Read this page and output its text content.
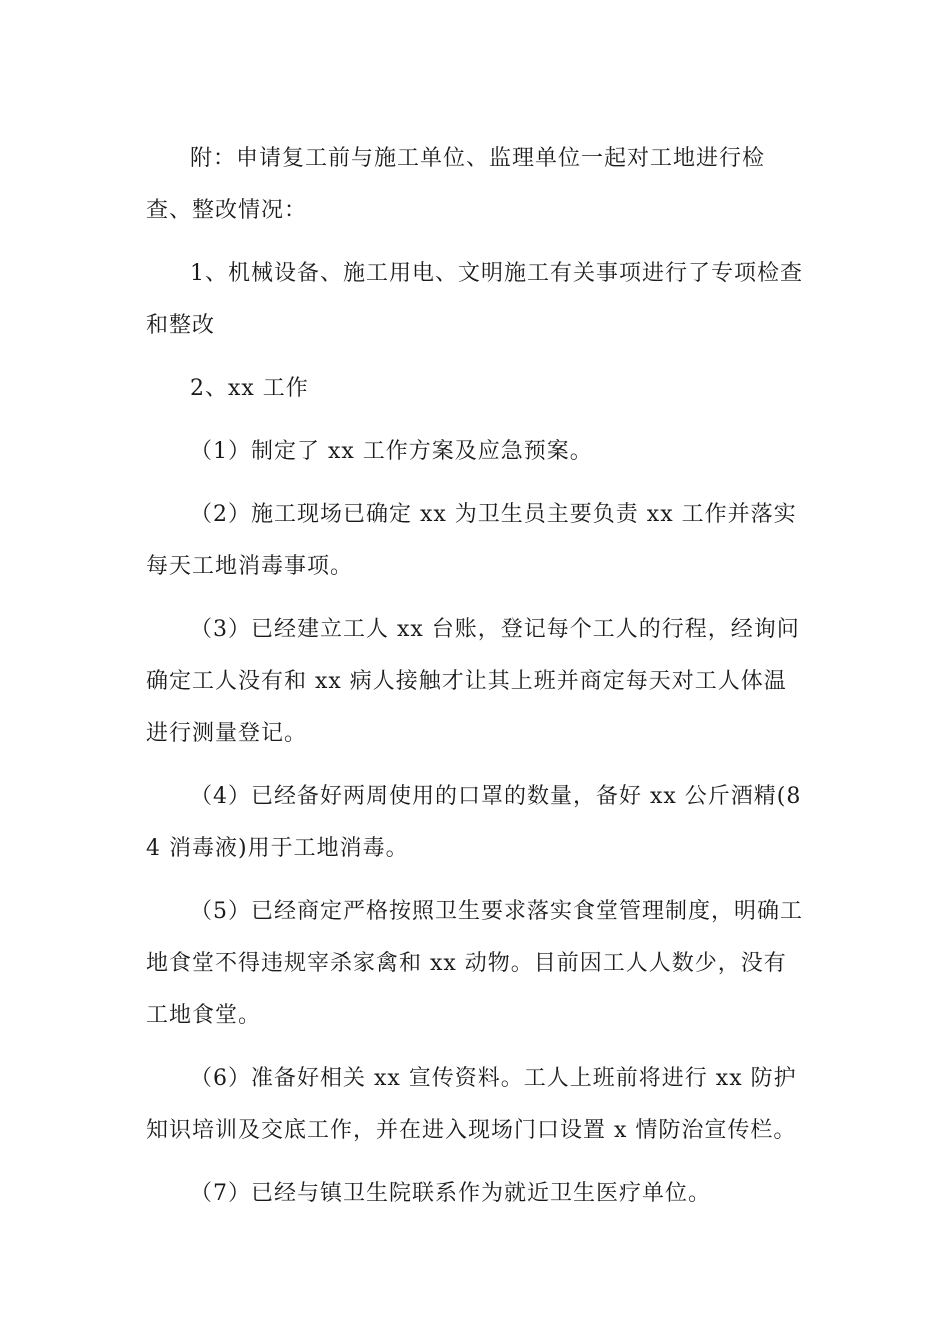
附：申请复工前与施工单位、监理单位一起对工地进行检查、整改情况：

1、机械设备、施工用电、文明施工有关事项进行了专项检查和整改

2、xx 工作

（1）制定了 xx 工作方案及应急预案。

（2）施工现场已确定 xx 为卫生员主要负责 xx 工作并落实每天工地消毒事项。

（3）已经建立工人 xx 台账，登记每个工人的行程，经询问确定工人没有和 xx 病人接触才让其上班并商定每天对工人体温进行测量登记。

（4）已经备好两周使用的口罩的数量，备好 xx 公斤酒精(84 消毒液)用于工地消毒。

（5）已经商定严格按照卫生要求落实食堂管理制度，明确工地食堂不得违规宰杀家禽和 xx 动物。目前因工人人数少，没有工地食堂。

（6）准备好相关 xx 宣传资料。工人上班前将进行 xx 防护知识培训及交底工作，并在进入现场门口设置 x 情防治宣传栏。

（7）已经与镇卫生院联系作为就近卫生医疗单位。
